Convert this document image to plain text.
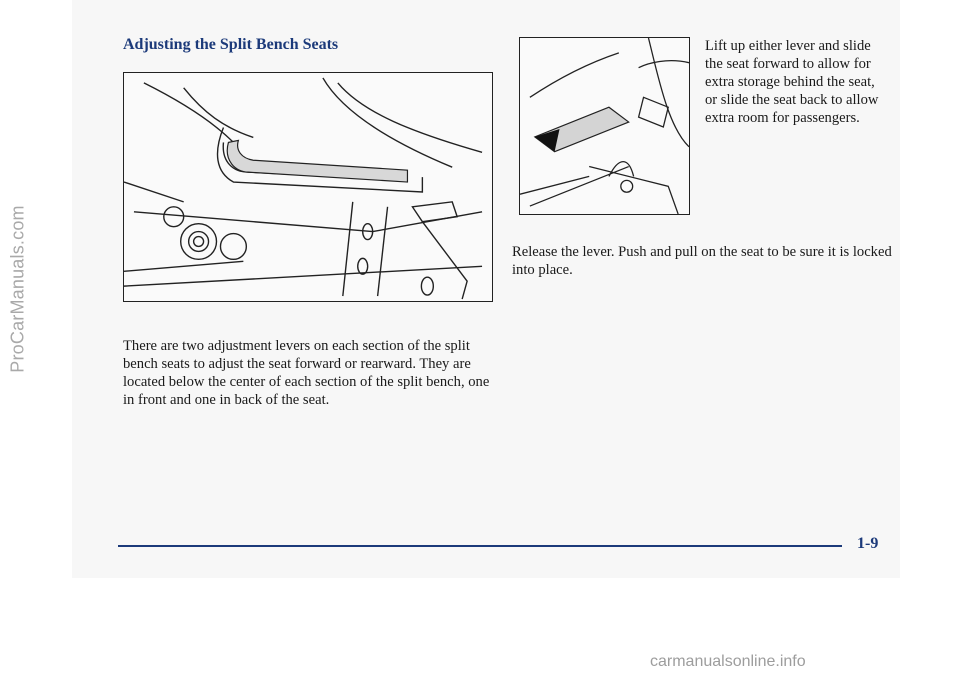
ProCarManuals.com
Adjusting the Split Bench Seats	Lift up either lever and slide the seat forward to allow for extra storage behind the seat, or slide the seat back to allow extra room for passengers.
Release the lever. Push and pull on the seat to be sure it is locked into place.
There are two adjustment levers on each section of the split bench seats to adjust the seat forward or rearward. They are located below the center of each section of the split bench, one in front and one in back of the seat.
1-9
carmanualsonline.info
